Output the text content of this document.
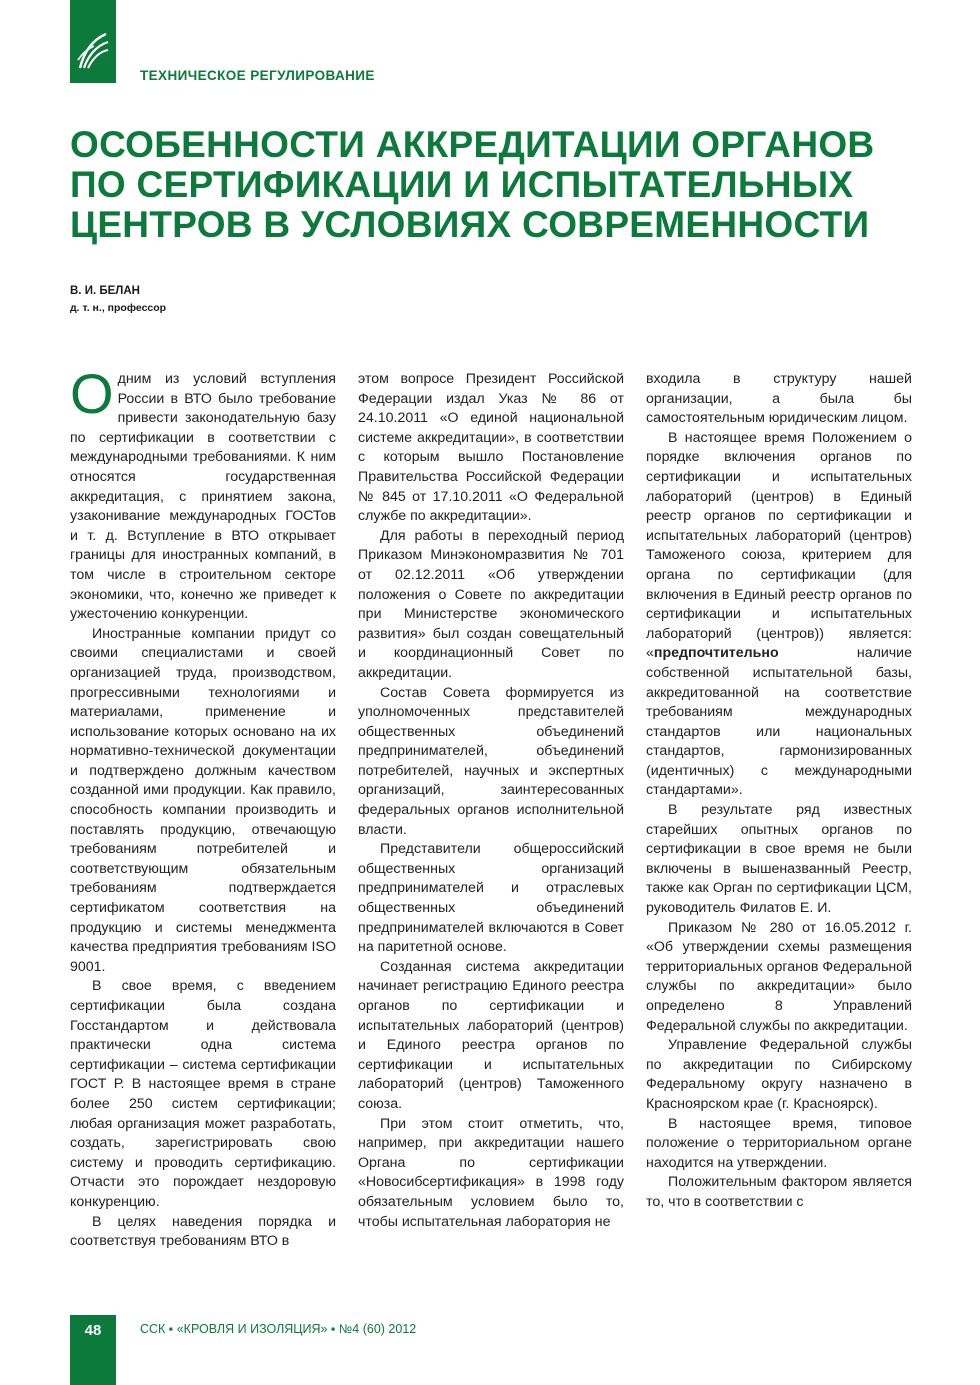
ТЕХНИЧЕСКОЕ РЕГУЛИРОВАНИЕ
ОСОБЕННОСТИ АККРЕДИТАЦИИ ОРГАНОВ
ПО СЕРТИФИКАЦИИ И ИСПЫТАТЕЛЬНЫХ
ЦЕНТРОВ В УСЛОВИЯХ СОВРЕМЕННОСТИ
В. И. БЕЛАН
д. т. н., профессор

Одним из условий вступления России в ВТО было требование привести законодательную базу по сертификации в соответствии с международными требованиями. К ним относятся государственная аккредитация, с принятием закона, узаконивание международных ГОСТов и т. д. Вступление в ВТО открывает границы для иностранных компаний, в том числе в строительном секторе экономики, что, конечно же приведет к ужесточению конкуренции.

Иностранные компании придут со своими специалистами и своей организацией труда, производством, прогрессивными технологиями и материалами, применение и использование которых основано на их нормативно-технической документации и подтверждено должным качеством созданной ими продукции. Как правило, способность компании производить и поставлять продукцию, отвечающую требованиям потребителей и соответствующим обязательным требованиям подтверждается сертификатом соответствия на продукцию и системы менеджмента качества предприятия требованиям ISO 9001.

В свое время, с введением сертификации была создана Госстандартом и действовала практически одна система сертификации – система сертификации ГОСТ Р. В настоящее время в стране более 250 систем сертификации; любая организация может разработать, создать, зарегистрировать свою систему и проводить сертификацию. Отчасти это порождает нездоровую конкуренцию.

В целях наведения порядка и соответствуя требованиям ВТО в

этом вопросе Президент Российской Федерации издал Указ № 86 от 24.10.2011 «О единой национальной системе аккредитации», в соответствии с которым вышло Постановление Правительства Российской Федерации № 845 от 17.10.2011 «О Федеральной службе по аккредитации».

Для работы в переходный период Приказом Минэкономразвития № 701 от 02.12.2011 «Об утверждении положения о Совете по аккредитации при Министерстве экономического развития» был создан совещательный и координационный Совет по аккредитации.

Состав Совета формируется из уполномоченных представителей общественных объединений предпринимателей, объединений потребителей, научных и экспертных организаций, заинтересованных федеральных органов исполнительной власти.

Представители общероссийский общественных организаций предпринимателей и отраслевых общественных объединений предпринимателей включаются в Совет на паритетной основе.

Созданная система аккредитации начинает регистрацию Единого реестра органов по сертификации и испытательных лабораторий (центров) и Единого реестра органов по сертификации и испытательных лабораторий (центров) Таможенного союза.

При этом стоит отметить, что, например, при аккредитации нашего Органа по сертификации «Новосибсертификация» в 1998 году обязательным условием было то, чтобы испытательная лаборатория не

входила в структуру нашей организации, а была бы самостоятельным юридическим лицом.

В настоящее время Положением о порядке включения органов по сертификации и испытательных лабораторий (центров) в Единый реестр органов по сертификации и испытательных лабораторий (центров) Таможеного союза, критерием для органа по сертификации (для включения в Единый реестр органов по сертификации и испытательных лабораторий (центров)) является: «предпочтительно наличие собственной испытательной базы, аккредитованной на соответствие требованиям международных стандартов или национальных стандартов, гармонизированных (идентичных) с международными стандартами».

В результате ряд известных старейших опытных органов по сертификации в свое время не были включены в вышеназванный Реестр, также как Орган по сертификации ЦСМ, руководитель Филатов Е. И.

Приказом № 280 от 16.05.2012 г. «Об утверждении схемы размещения территориальных органов Федеральной службы по аккредитации» было определено 8 Управлений Федеральной службы по аккредитации.

Управление Федеральной службы по аккредитации по Сибирскому Федеральному округу назначено в Красноярском крае (г. Красноярск).

В настоящее время, типовое положение о территориальном органе находится на утверждении.

Положительным фактором является то, что в соответствии с

48	ССК ▪ «КРОВЛЯ И ИЗОЛЯЦИЯ» ▪ №4 (60) 2012
